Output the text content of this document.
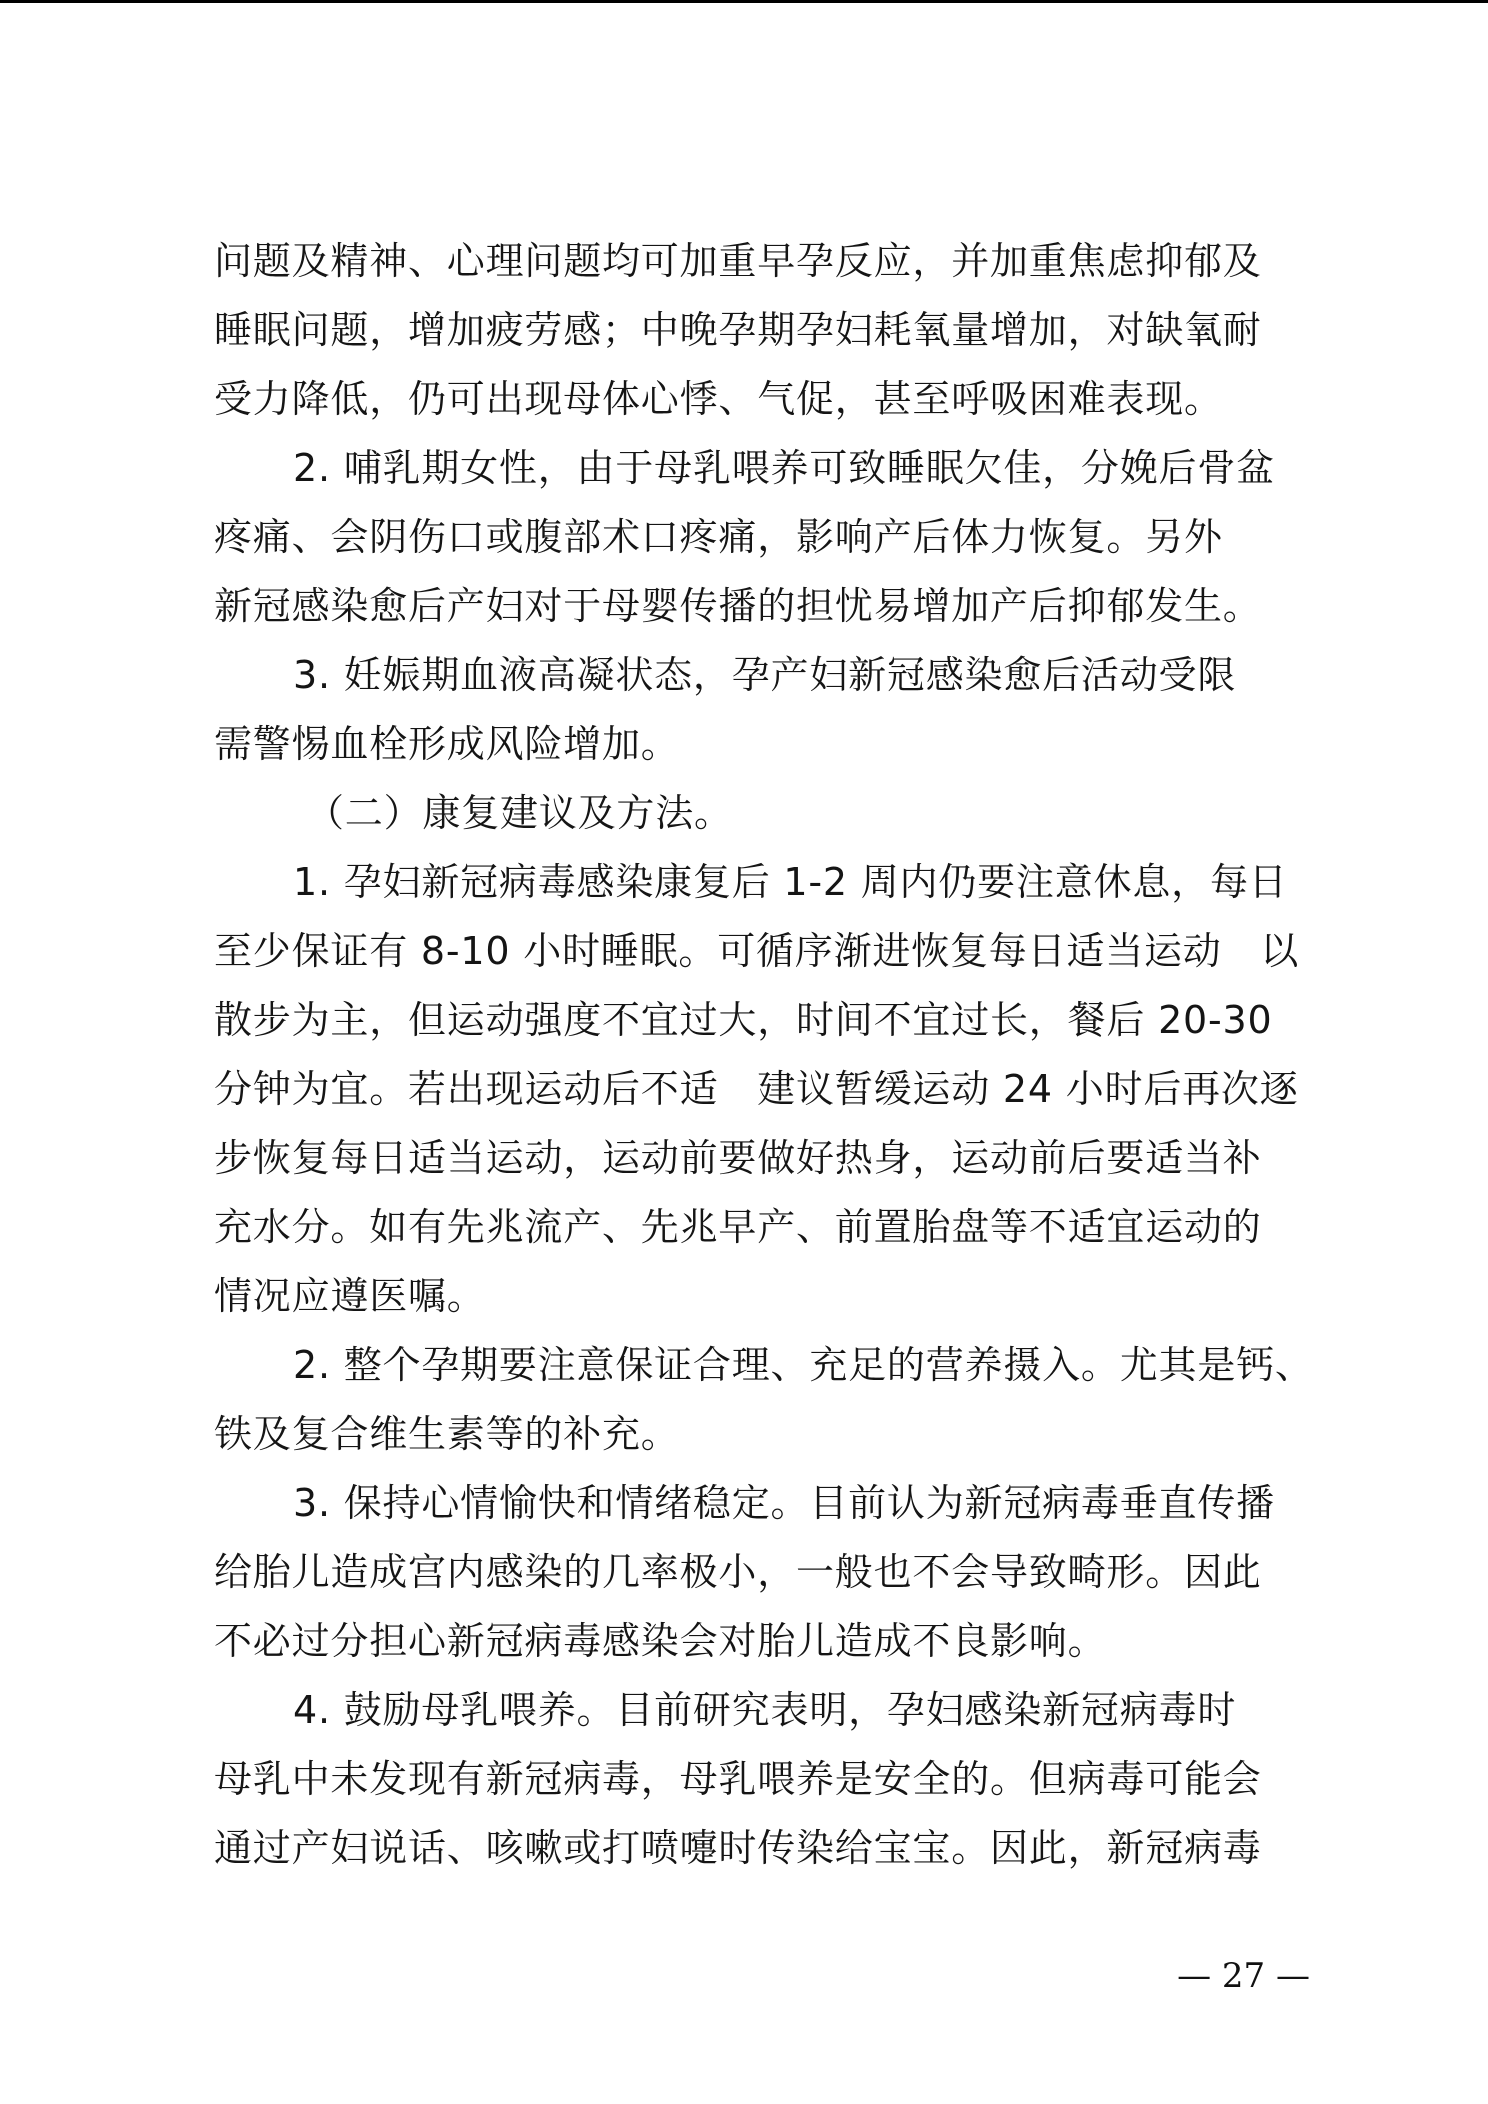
问题及精神、心理问题均可加重早孕反应，并加重焦虑抑郁及
睡眠问题，增加疲劳感；中晚孕期孕妇耗氧量增加，对缺氧耐
受力降低，仍可出现母体心悸、气促，甚至呼吸困难表现。
2. 哺乳期女性，由于母乳喂养可致睡眠欠佳，分娩后骨盆
疼痛、会阴伤口或腹部术口疼痛，影响产后体力恢复。另外
新冠感染愈后产妇对于母婴传播的担忧易增加产后抑郁发生。
3. 妊娠期血液高凝状态，孕产妇新冠感染愈后活动受限
需警惕血栓形成风险增加。
（二）康复建议及方法。
1. 孕妇新冠病毒感染康复后 1-2 周内仍要注意休息，每日
至少保证有 8-10 小时睡眠。可循序渐进恢复每日适当运动　以
散步为主，但运动强度不宜过大，时间不宜过长，餐后 20-30
分钟为宜。若出现运动后不适　建议暂缓运动 24 小时后再次逐
步恢复每日适当运动，运动前要做好热身，运动前后要适当补
充水分。如有先兆流产、先兆早产、前置胎盘等不适宜运动的
情况应遵医嘱。
2. 整个孕期要注意保证合理、充足的营养摄入。尤其是钙、
铁及复合维生素等的补充。
3. 保持心情愉快和情绪稳定。目前认为新冠病毒垂直传播
给胎儿造成宫内感染的几率极小，一般也不会导致畸形。因此
不必过分担心新冠病毒感染会对胎儿造成不良影响。
4. 鼓励母乳喂养。目前研究表明，孕妇感染新冠病毒时
母乳中未发现有新冠病毒，母乳喂养是安全的。但病毒可能会
通过产妇说话、咳嗽或打喷嚏时传染给宝宝。因此，新冠病毒
— 27 —
